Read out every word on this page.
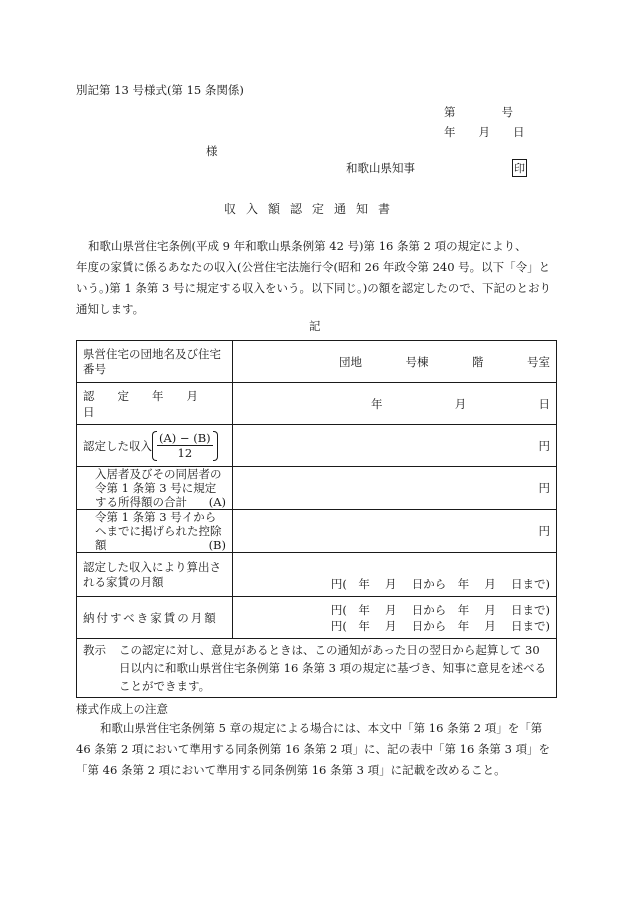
別記第 13 号様式(第 15 条関係)
第　　　　号
年　　月　　日
様
和歌山県知事	印
収入額認定通知書
和歌山県営住宅条例(平成 9 年和歌山県条例第 42 号)第 16 条第 2 項の規定により、　　年度の家賃に係るあなたの収入(公営住宅法施行令(昭和 26 年政令第 240 号。以下「令」という。)第 1 条第 3 号に規定する収入をいう。以下同じ。)の額を認定したので、下記のとおり通知します。
記
県営住宅の団地名及び住宅番号	団地 号棟 階 号室

認　　定　　年　　月　　日	年 月 日

認定した収入 $\frac{(A) - (B)}{12}$	円
入居者及びその同居者の令第 1 条第 3 号に規定する所得額の合計 (A)	円
令第 1 条第 3 号イからヘまでに掲げられた控除額 (B)	円
認定した収入により算出される家賃の月額	円(　年　 月　 日から　年　 月　 日まで)
納付すべき家賃の月額	円(　年　 月　 日から　年　 月　 日まで)
円(　年　 月　 日から　年　 月　 日まで)

教示 この認定に対し、意見があるときは、この通知があった日の翌日から起算して 30 日以内に和歌山県営住宅条例第 16 条第 3 項の規定に基づき、知事に意見を述べることができます。	
様式作成上の注意
和歌山県営住宅条例第 5 章の規定による場合には、本文中「第 16 条第 2 項」を「第 46 条第 2 項において準用する同条例第 16 条第 2 項」に、記の表中「第 16 条第 3 項」を「第 46 条第 2 項において準用する同条例第 16 条第 3 項」に記載を改めること。
